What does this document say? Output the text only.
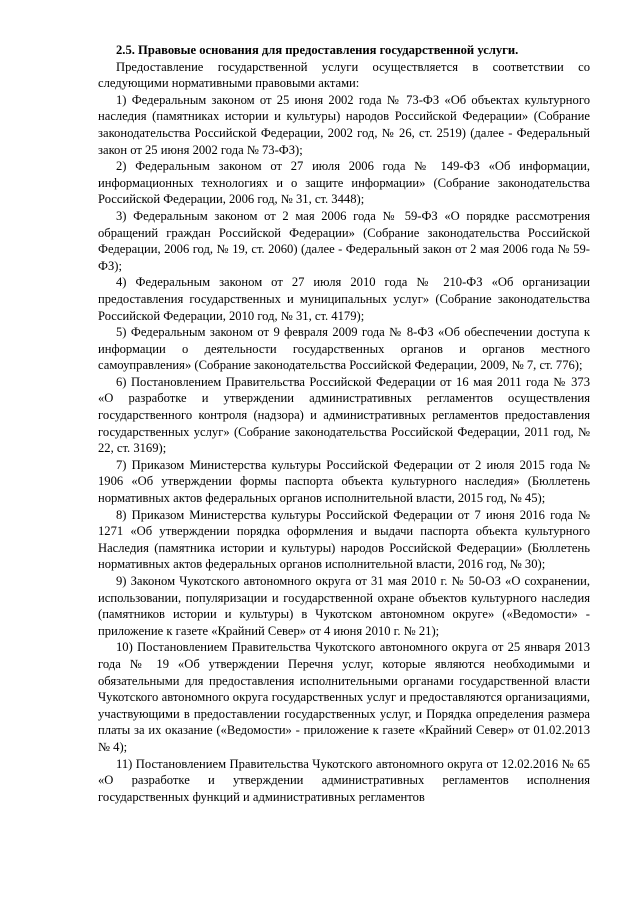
2.5. Правовые основания для предоставления государственной услуги.

Предоставление государственной услуги осуществляется в соответствии со следующими нормативными правовыми актами:

1) Федеральным законом от 25 июня 2002 года № 73-ФЗ «Об объектах культурного наследия (памятниках истории и культуры) народов Российской Федерации» (Собрание законодательства Российской Федерации, 2002 год, № 26, ст. 2519) (далее - Федеральный закон от 25 июня 2002 года № 73-ФЗ);

2) Федеральным законом от 27 июля 2006 года № 149-ФЗ «Об информации, информационных технологиях и о защите информации» (Собрание законодательства Российской Федерации, 2006 год, № 31, ст. 3448);

3) Федеральным законом от 2 мая 2006 года № 59-ФЗ «О порядке рассмотрения обращений граждан Российской Федерации» (Собрание законодательства Российской Федерации, 2006 год, № 19, ст. 2060) (далее - Федеральный закон от 2 мая 2006 года № 59-ФЗ);

4) Федеральным законом от 27 июля 2010 года № 210-ФЗ «Об организации предоставления государственных и муниципальных услуг» (Собрание законодательства Российской Федерации, 2010 год, № 31, ст. 4179);

5) Федеральным законом от 9 февраля 2009 года № 8-ФЗ «Об обеспечении доступа к информации о деятельности государственных органов и органов местного самоуправления» (Собрание законодательства Российской Федерации, 2009, № 7, ст. 776);

6) Постановлением Правительства Российской Федерации от 16 мая 2011 года № 373 «О разработке и утверждении административных регламентов осуществления государственного контроля (надзора) и административных регламентов предоставления государственных услуг» (Собрание законодательства Российской Федерации, 2011 год, № 22, ст. 3169);

7) Приказом Министерства культуры Российской Федерации от 2 июля 2015 года № 1906 «Об утверждении формы паспорта объекта культурного наследия» (Бюллетень нормативных актов федеральных органов исполнительной власти, 2015 год, № 45);

8) Приказом Министерства культуры Российской Федерации от 7 июня 2016 года № 1271 «Об утверждении порядка оформления и выдачи паспорта объекта культурного Наследия (памятника истории и культуры) народов Российской Федерации» (Бюллетень нормативных актов федеральных органов исполнительной власти, 2016 год, № 30);

9) Законом Чукотского автономного округа от 31 мая 2010 г. № 50-ОЗ «О сохранении, использовании, популяризации и государственной охране объектов культурного наследия (памятников истории и культуры) в Чукотском автономном округе» («Ведомости» - приложение к газете «Крайний Север» от 4 июня 2010 г. № 21);

10) Постановлением Правительства Чукотского автономного округа от 25 января 2013 года № 19 «Об утверждении Перечня услуг, которые являются необходимыми и обязательными для предоставления исполнительными органами государственной власти Чукотского автономного округа государственных услуг и предоставляются организациями, участвующими в предоставлении государственных услуг, и Порядка определения размера платы за их оказание («Ведомости» - приложение к газете «Крайний Север» от 01.02.2013 № 4);

11) Постановлением Правительства Чукотского автономного округа от 12.02.2016 № 65 «О разработке и утверждении административных регламентов исполнения государственных функций и административных регламентов
